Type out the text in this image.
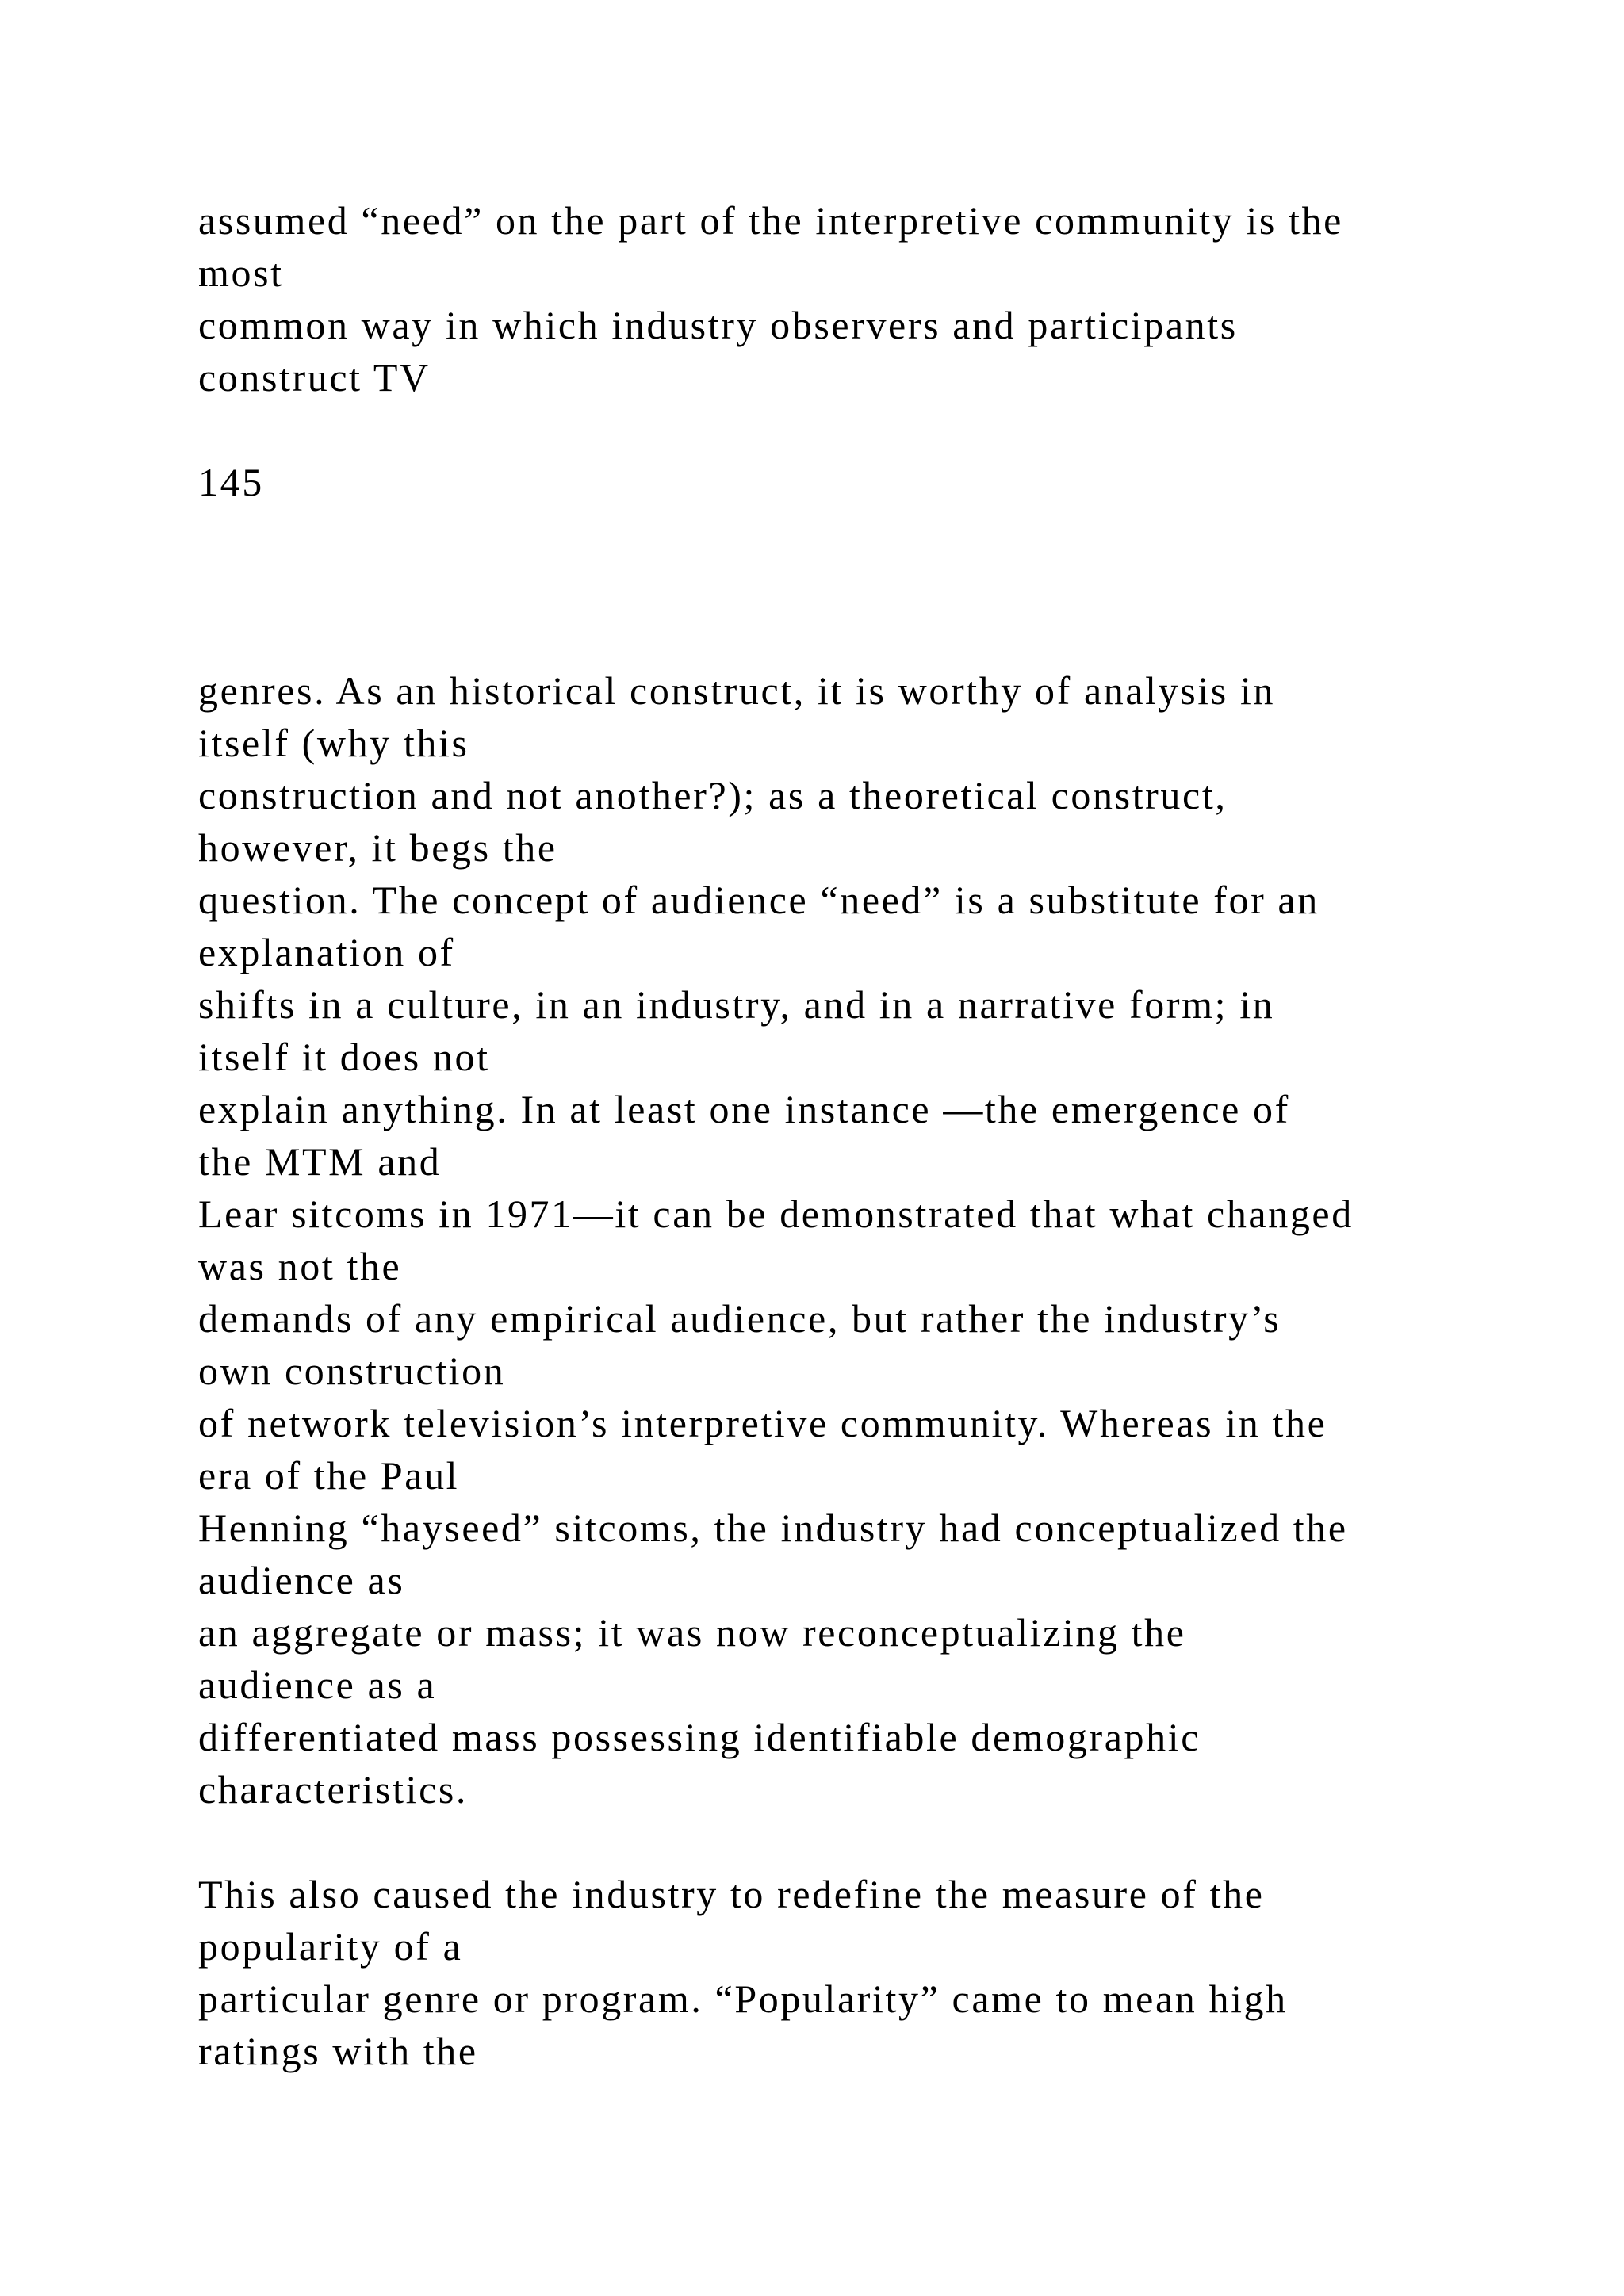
assumed “need” on the part of the interpretive community is the

most

common way in which industry observers and participants

construct TV

145

genres. As an historical construct, it is worthy of analysis in

itself (why this

construction and not another?); as a theoretical construct,

however, it begs the

question. The concept of audience “need” is a substitute for an

explanation of

shifts in a culture, in an industry, and in a narrative form; in

itself it does not

explain anything. In at least one instance —the emergence of

the MTM and

Lear sitcoms in 1971—it can be demonstrated that what changed

was not the

demands of any empirical audience, but rather the industry’s

own construction

of network television’s interpretive community. Whereas in the

era of the Paul

Henning “hayseed” sitcoms, the industry had conceptualized the

audience as

an aggregate or mass; it was now reconceptualizing the

audience as a

differentiated mass possessing identifiable demographic

characteristics.

This also caused the industry to redefine the measure of the

popularity of a

particular genre or program. “Popularity” came to mean high

ratings with the
